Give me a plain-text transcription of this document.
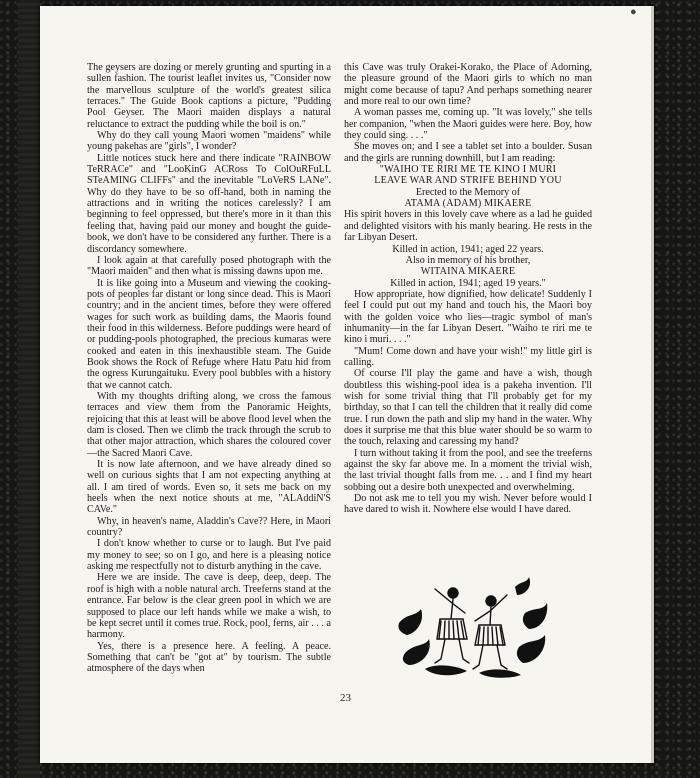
●

The geysers are dozing or merely grunting and spurting in a sullen fashion. The tourist leaflet invites us, "Consider now the marvellous sculpture of the world's greatest silica terraces." The Guide Book captions a picture, "Pudding Pool Geyser. The Maori maiden displays a natural reluctance to extract the pudding while the boil is on."

Why do they call young Maori women "maidens" while young pakehas are "girls", I wonder?

Little notices stuck here and there indicate "RAINBOW TeRRACe" and "LooKinG ACRoss To ColOuRFuLL STeAMING CLIFFs" and the inevitable "LoVeRS LANe". Why do they have to be so off-hand, both in naming the attractions and in writing the notices carelessly? I am beginning to feel oppressed, but there's more in it than this feeling that, having paid our money and bought the guide-book, we don't have to be considered any further. There is a discordancy somewhere.

I look again at that carefully posed photograph with the "Maori maiden" and then what is missing dawns upon me.

It is like going into a Museum and viewing the cooking-pots of peoples far distant or long since dead. This is Maori country; and in the ancient times, before they were offered wages for such work as building dams, the Maoris found their food in this wilderness. Before puddings were heard of or pudding-pools photographed, the precious kumaras were cooked and eaten in this inexhaustible steam. The Guide Book shows the Rock of Refuge where Hatu Patu hid from the ogress Kurungaituku. Every pool bubbles with a history that we cannot catch.

With my thoughts drifting along, we cross the famous terraces and view them from the Panoramic Heights, rejoicing that this at least will be above flood level when the dam is closed. Then we climb the track through the scrub to that other major attraction, which shares the coloured cover—the Sacred Maori Cave.

It is now late afternoon, and we have already dined so well on curious sights that I am not expecting anything at all. I am tired of words. Even so, it sets me back on my heels when the next notice shouts at me, "ALAddiN'S CAVe."

Why, in heaven's name, Aladdin's Cave?? Here, in Maori country?

I don't know whether to curse or to laugh. But I've paid my money to see; so on I go, and here is a pleasing notice asking me respectfully not to disturb anything in the cave.

Here we are inside. The cave is deep, deep, deep. The roof is high with a noble natural arch. Treeferns stand at the entrance. Far below is the clear green pool in which we are supposed to place our left hands while we make a wish, to be kept secret until it comes true. Rock, pool, ferns, air . . . a harmony.

Yes, there is a presence here. A feeling. A peace. Something that can't be "got at" by tourism. The subtle atmosphere of the days when

this Cave was truly Orakei-Korako, the Place of Adorning, the pleasure ground of the Maori girls to which no man might come because of tapu? And perhaps something nearer and more real to our own time?

A woman passes me, coming up. "It was lovely," she tells her companion, "when the Maori guides were here. Boy, how they could sing. . . ."

She moves on; and I see a tablet set into a boulder. Susan and the girls are running downhill, but I am reading:

"WAIHO TE RIRI ME TE KINO I MURI

LEAVE WAR AND STRIFE BEHIND YOU

Erected to the Memory of

ATAMA (ADAM) MIKAERE

His spirit hovers in this lovely cave where as a lad he guided and delighted visitors with his manly bearing. He rests in the far Libyan Desert.

Killed in action, 1941; aged 22 years.

Also in memory of his brother,

WITAINA MIKAERE

Killed in action, 1941; aged 19 years."

How appropriate, how dignified, how delicate! Suddenly I feel I could put out my hand and touch his, the Maori boy with the golden voice who lies—tragic symbol of man's inhumanity—in the far Libyan Desert. "Waiho te riri me te kino i muri. . . ."

"Mum! Come down and have your wish!" my little girl is calling.

Of course I'll play the game and have a wish, though doubtless this wishing-pool idea is a pakeha invention. I'll wish for some trivial thing that I'll probably get for my birthday, so that I can tell the children that it really did come true. I run down the path and slip my hand in the water. Why does it surprise me that this blue water should be so warm to the touch, relaxing and caressing my hand?

I turn without taking it from the pool, and see the treeferns against the sky far above me. In a moment the trivial wish, the last trivial thought falls from me. . . and I find my heart sobbing out a desire both unexpected and overwhelming.

Do not ask me to tell you my wish. Never before would I have dared to wish it. Nowhere else would I have dared.

23
